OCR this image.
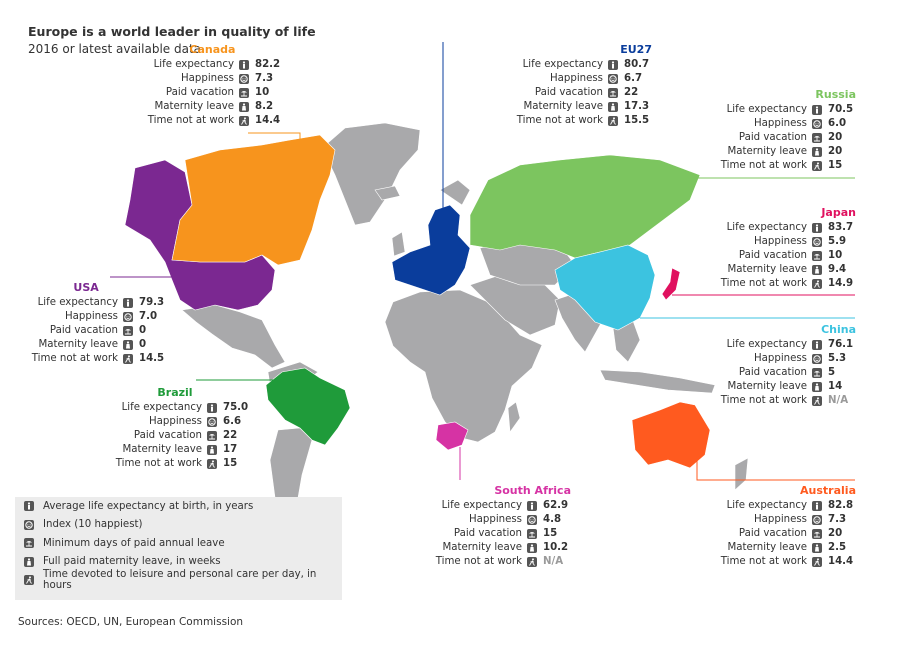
Europe is a world leader in quality of life
2016 or latest available data
Canada
Life expectancy	82.2
Happiness	7.3
Paid vacation	10
Maternity leave	8.2
Time not at work	14.4
EU27
Life expectancy	80.7
Happiness	6.7
Paid vacation	22
Maternity leave	17.3
Time not at work	15.5
Russia
Life expectancy	70.5
Happiness	6.0
Paid vacation	20
Maternity leave	20
Time not at work	15
Japan
Life expectancy	83.7
Happiness	5.9
Paid vacation	10
Maternity leave	9.4
Time not at work	14.9
USA
Life expectancy	79.3
Happiness	7.0
Paid vacation	0
Maternity leave	0
Time not at work	14.5
China
Life expectancy	76.1
Happiness	5.3
Paid vacation	5
Maternity leave	14
Time not at work	N/A
Brazil
Life expectancy	75.0
Happiness	6.6
Paid vacation	22
Maternity leave	17
Time not at work	15
South Africa
Life expectancy	62.9
Happiness	4.8
Paid vacation	15
Maternity leave	10.2
Time not at work	N/A
Australia
Life expectancy	82.8
Happiness	7.3
Paid vacation	20
Maternity leave	2.5
Time not at work	14.4
Average life expectancy at birth, in years
Index (10 happiest)
Minimum days of paid annual leave
Full paid maternity leave, in weeks
Time devoted to leisure and personal care per day, in hours
Sources: OECD, UN, European Commission
